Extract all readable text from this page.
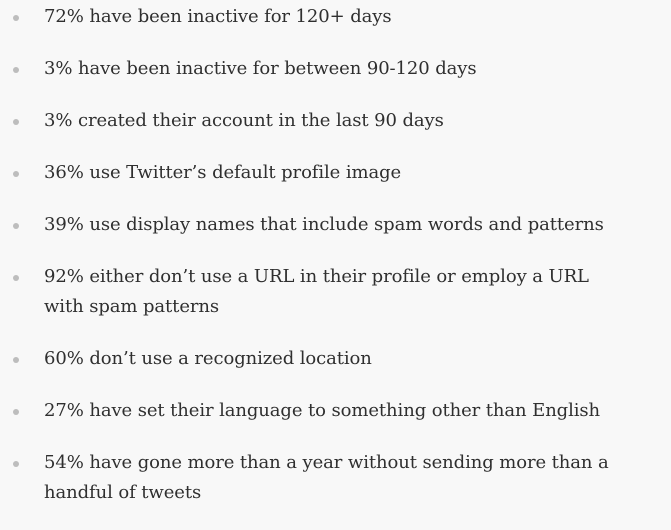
72% have been inactive for 120+ days
3% have been inactive for between 90-120 days
3% created their account in the last 90 days
36% use Twitter’s default profile image
39% use display names that include spam words and patterns
92% either don’t use a URL in their profile or employ a URL with spam patterns
60% don’t use a recognized location
27% have set their language to something other than English
54% have gone more than a year without sending more than a handful of tweets
